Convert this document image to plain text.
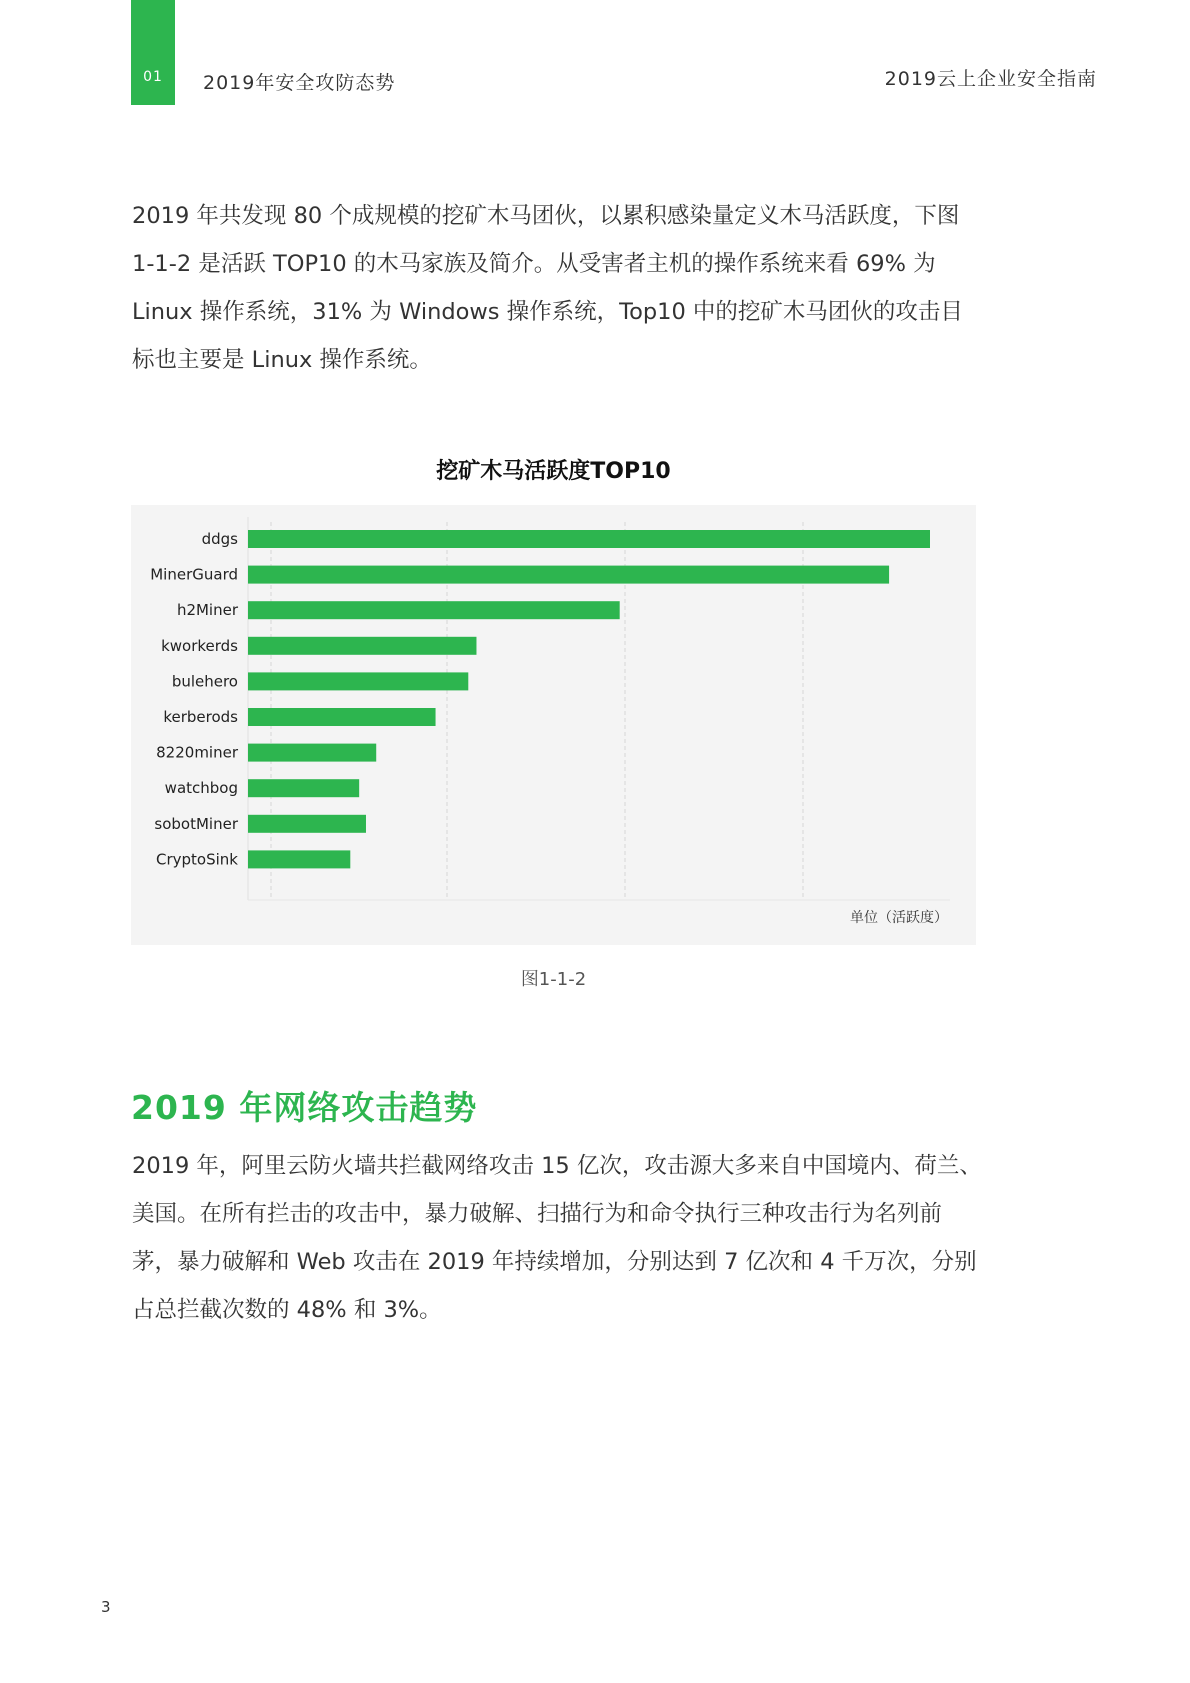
01 2019年安全攻防态势	2019云上企业安全指南

2019 年共发现 80 个成规模的挖矿木马团伙，以累积感染量定义木马活跃度，下图 1-1-2 是活跃 TOP10 的木马家族及简介。从受害者主机的操作系统来看 69% 为 Linux 操作系统，31% 为 Windows 操作系统，Top10 中的挖矿木马团伙的攻击目标也主要是 Linux 操作系统。

挖矿木马活跃度TOP10
ddgs
MinerGuard
h2Miner
kworkerds
bulehero
kerberods
8220miner
watchbog
sobotMiner
CryptoSink
单位（活跃度）
图1-1-2
2019 年网络攻击趋势

2019 年，阿里云防火墙共拦截网络攻击 15 亿次，攻击源大多来自中国境内、荷兰、 美国。在所有拦击的攻击中，暴力破解、扫描行为和命令执行三种攻击行为名列前茅，暴力破解和 Web 攻击在 2019 年持续增加，分别达到 7 亿次和 4 千万次，分别占总拦截次数的 48% 和 3%。

3
